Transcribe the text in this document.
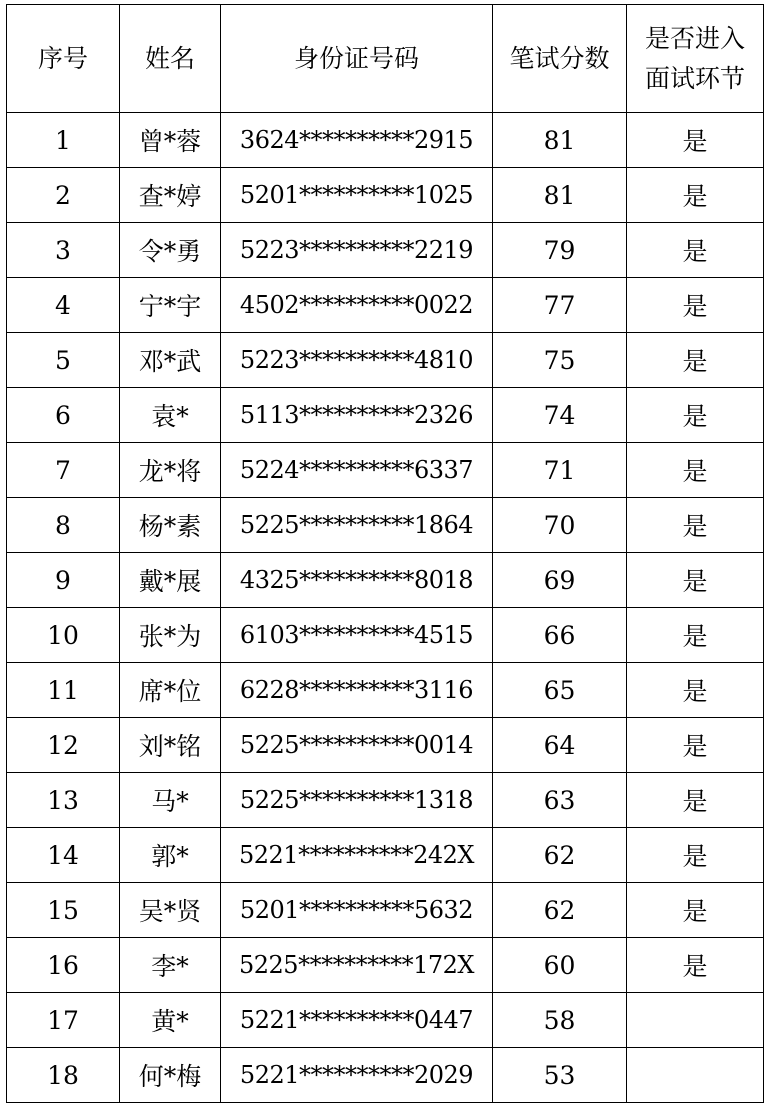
序号	姓名	身份证号码	笔试分数	是否进入
面试环节
1	曾*蓉	3624**********2915	81	是
2	查*婷	5201**********1025	81	是
3	令*勇	5223**********2219	79	是
4	宁*宇	4502**********0022	77	是
5	邓*武	5223**********4810	75	是
6	袁*	5113**********2326	74	是
7	龙*将	5224**********6337	71	是
8	杨*素	5225**********1864	70	是
9	戴*展	4325**********8018	69	是
10	张*为	6103**********4515	66	是
11	席*位	6228**********3116	65	是
12	刘*铭	5225**********0014	64	是
13	马*	5225**********1318	63	是
14	郭*	5221**********242X	62	是
15	吴*贤	5201**********5632	62	是
16	李*	5225**********172X	60	是
17	黄*	5221**********0447	58	
18	何*梅	5221**********2029	53	
